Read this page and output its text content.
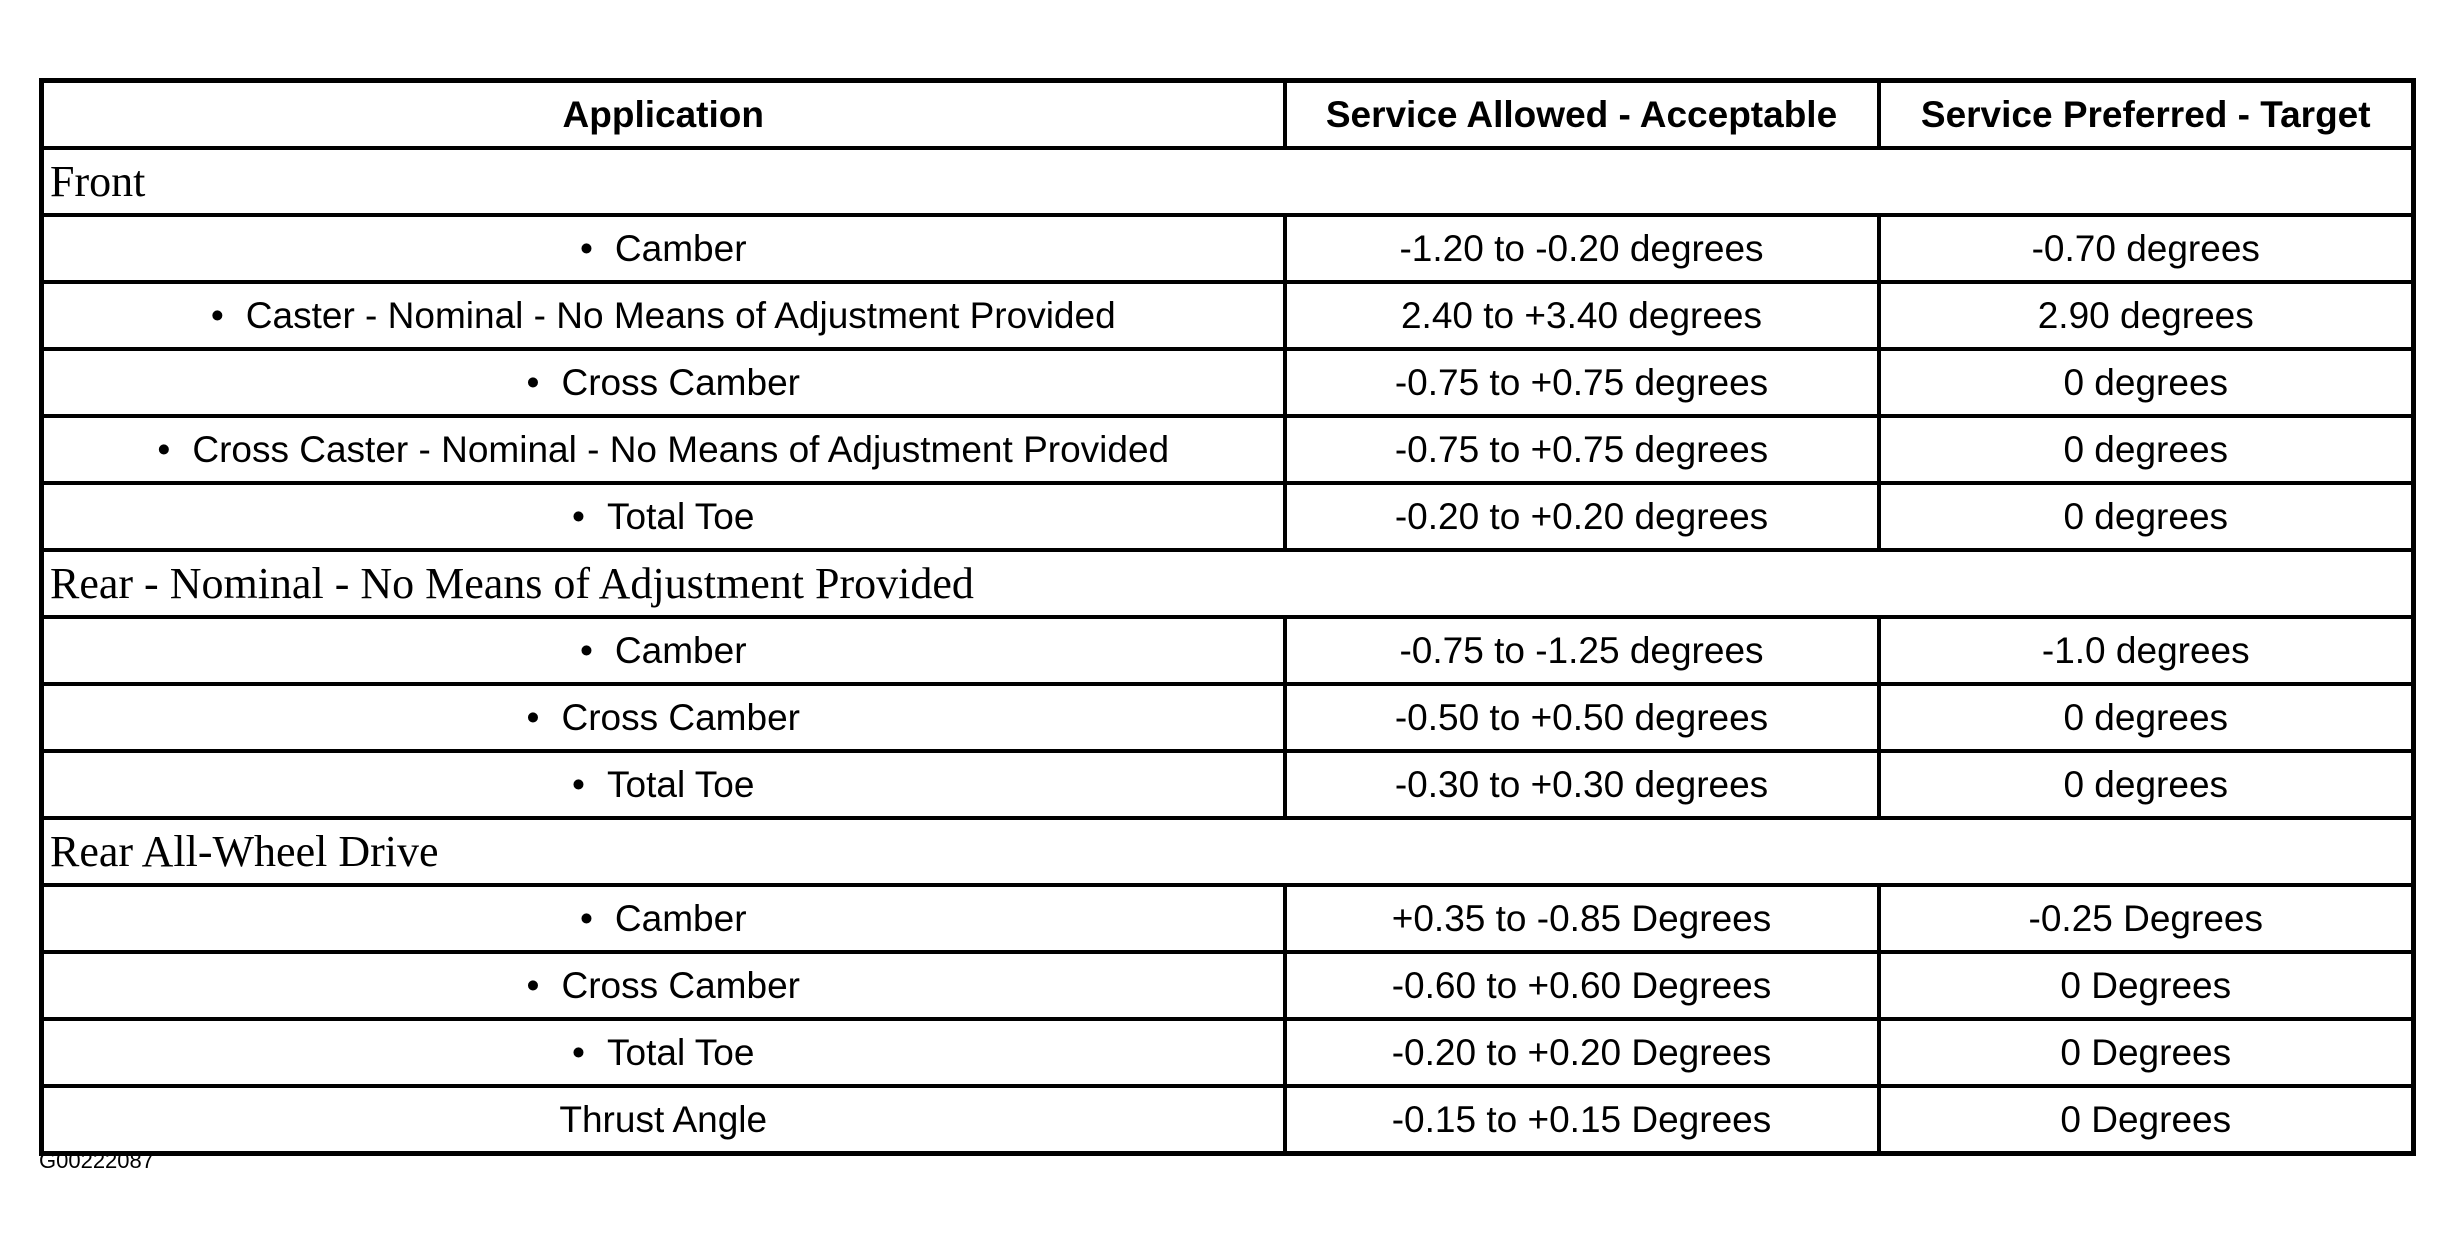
Application	Service Allowed - Acceptable	Service Preferred - Target
Front		
• Camber	-1.20 to -0.20 degrees	-0.70 degrees
• Caster - Nominal - No Means of Adjustment Provided	2.40 to +3.40 degrees	2.90 degrees
• Cross Camber	-0.75 to +0.75 degrees	0 degrees
• Cross Caster - Nominal - No Means of Adjustment Provided	-0.75 to +0.75 degrees	0 degrees
• Total Toe	-0.20 to +0.20 degrees	0 degrees
Rear - Nominal - No Means of Adjustment Provided		
• Camber	-0.75 to -1.25 degrees	-1.0 degrees
• Cross Camber	-0.50 to +0.50 degrees	0 degrees
• Total Toe	-0.30 to +0.30 degrees	0 degrees
Rear All-Wheel Drive		
• Camber	+0.35 to -0.85 Degrees	-0.25 Degrees
• Cross Camber	-0.60 to +0.60 Degrees	0 Degrees
• Total Toe	-0.20 to +0.20 Degrees	0 Degrees
Thrust Angle	-0.15 to +0.15 Degrees	0 Degrees
G00222087
